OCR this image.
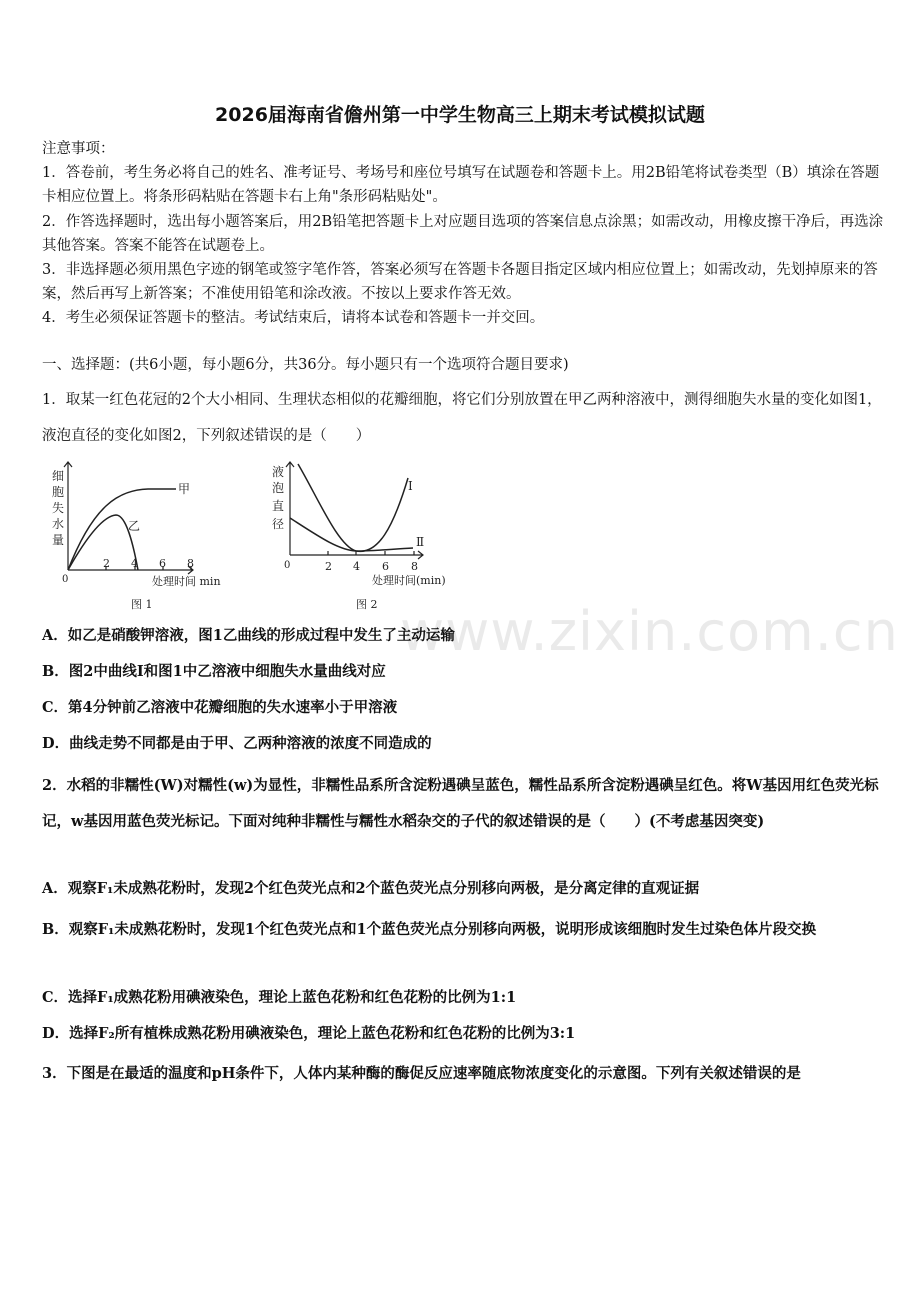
2026届海南省儋州第一中学生物高三上期末考试模拟试题
注意事项：
1．答卷前，考生务必将自己的姓名、准考证号、考场号和座位号填写在试题卷和答题卡上。用2B铅笔将试卷类型（B）填涂在答题卡相应位置上。将条形码粘贴在答题卡右上角"条形码粘贴处"。
2．作答选择题时，选出每小题答案后，用2B铅笔把答题卡上对应题目选项的答案信息点涂黑；如需改动，用橡皮擦干净后，再选涂其他答案。答案不能答在试题卷上。
3．非选择题必须用黑色字迹的钢笔或签字笔作答，答案必须写在答题卡各题目指定区域内相应位置上；如需改动，先划掉原来的答案，然后再写上新答案；不准使用铅笔和涂改液。不按以上要求作答无效。
4．考生必须保证答题卡的整洁。考试结束后，请将本试卷和答题卡一并交回。
一、选择题：(共6小题，每小题6分，共36分。每小题只有一个选项符合题目要求)
1．取某一红色花冠的2个大小相同、生理状态相似的花瓣细胞，将它们分别放置在甲乙两种溶液中，测得细胞失水量的变化如图1，液泡直径的变化如图2，下列叙述错误的是（　　）
细
胞
失
水
量
甲
乙
0
2 4 6 8
处理时间 min
图 1
液
泡
直
径
Ⅰ
Ⅱ
0	2 4 6 8
处理时间(min)
图 2 www.zixin.com.cn
A．如乙是硝酸钾溶液，图1乙曲线的形成过程中发生了主动运输
B．图2中曲线Ⅰ和图1中乙溶液中细胞失水量曲线对应
C．第4分钟前乙溶液中花瓣细胞的失水速率小于甲溶液
D．曲线走势不同都是由于甲、乙两种溶液的浓度不同造成的
2．水稻的非糯性(W)对糯性(w)为显性，非糯性品系所含淀粉遇碘呈蓝色，糯性品系所含淀粉遇碘呈红色。将W基因用红色荧光标记，w基因用蓝色荧光标记。下面对纯种非糯性与糯性水稻杂交的子代的叙述错误的是（　　）(不考虑基因突变)
A．观察F₁未成熟花粉时，发现2个红色荧光点和2个蓝色荧光点分别移向两极，是分离定律的直观证据
B．观察F₁未成熟花粉时，发现1个红色荧光点和1个蓝色荧光点分别移向两极，说明形成该细胞时发生过染色体片段交换
C．选择F₁成熟花粉用碘液染色，理论上蓝色花粉和红色花粉的比例为1:1
D．选择F₂所有植株成熟花粉用碘液染色，理论上蓝色花粉和红色花粉的比例为3:1
3．下图是在最适的温度和pH条件下，人体内某种酶的酶促反应速率随底物浓度变化的示意图。下列有关叙述错误的是
